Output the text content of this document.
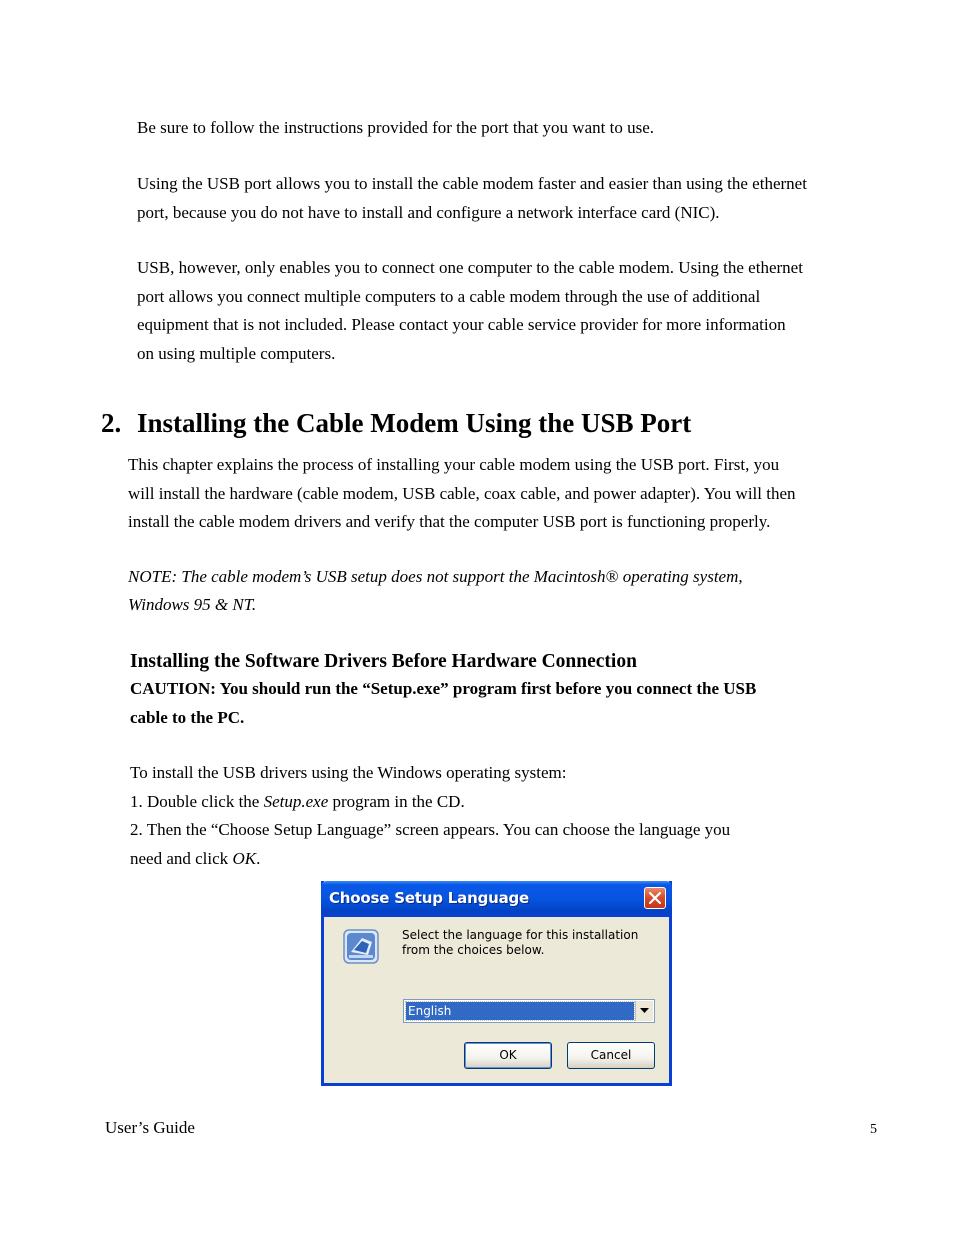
Be sure to follow the instructions provided for the port that you want to use.

Using the USB port allows you to install the cable modem faster and easier than using the ethernet
port, because you do not have to install and configure a network interface card (NIC).

USB, however, only enables you to connect one computer to the cable modem. Using the ethernet
port allows you connect multiple computers to a cable modem through the use of additional
equipment that is not included. Please contact your cable service provider for more information
on using multiple computers.

2. Installing the Cable Modem Using the USB Port

This chapter explains the process of installing your cable modem using the USB port. First, you
will install the hardware (cable modem, USB cable, coax cable, and power adapter). You will then
install the cable modem drivers and verify that the computer USB port is functioning properly.

NOTE: The cable modem’s USB setup does not support the Macintosh® operating system,
Windows 95 & NT.

Installing the Software Drivers Before Hardware Connection

CAUTION: You should run the “Setup.exe” program first before you connect the USB
cable to the PC.

To install the USB drivers using the Windows operating system:
1. Double click the Setup.exe program in the CD.
2. Then the “Choose Setup Language” screen appears. You can choose the language you
need and click OK.

Choose Setup Language
Select the language for this installation from the choices below.
English
OK	Cancel
User’s Guide	5
